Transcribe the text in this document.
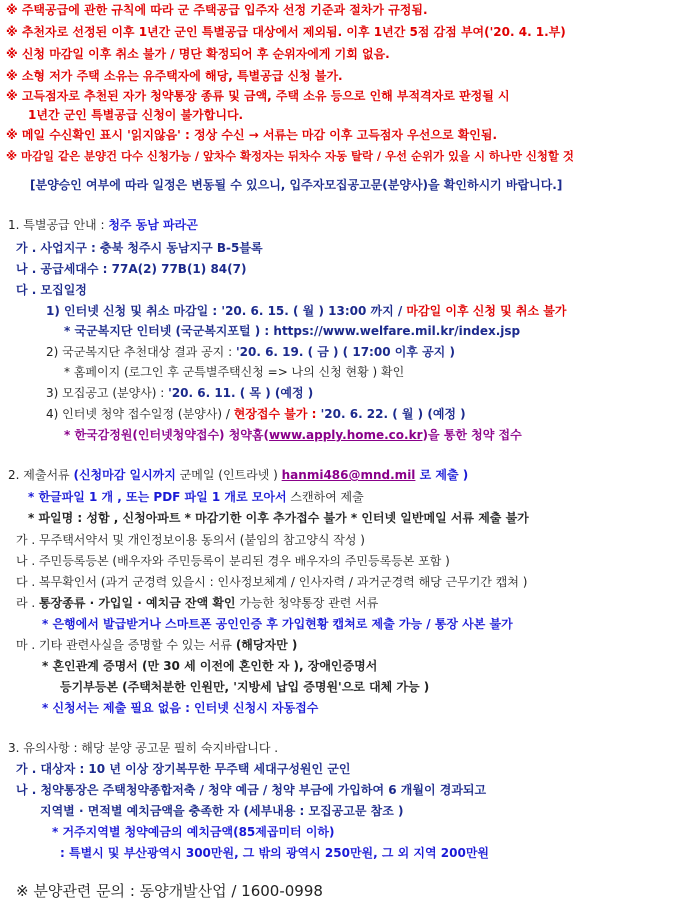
※ 주택공급에 관한 규칙에 따라 군 주택공급 입주자 선정 기준과 절차가 규정됨.
※ 추천자로 선정된 이후 1년간 군인 특별공급 대상에서 제외됨. 이후 1년간 5점 감점 부여('20. 4. 1.부)
※ 신청 마감일 이후 취소 불가 / 명단 확정되어 후 순위자에게 기회 없음.
※ 소형 저가 주택 소유는 유주택자에 해당, 특별공급 신청 불가.
※ 고득점자로 추천된 자가 청약통장 종류 및 금액, 주택 소유 등으로 인해 부적격자로 판정될 시
1년간 군인 특별공급 신청이 불가합니다.
※ 메일 수신확인 표시 '읽지않음' : 정상 수신 → 서류는 마감 이후 고득점자 우선으로 확인됨.
※ 마감일 같은 분양건 다수 신청가능 / 앞차수 확정자는 뒤차수 자동 탈락 / 우선 순위가 있을 시 하나만 신청할 것
[분양승인 여부에 따라 일정은 변동될 수 있으니, 입주자모집공고문(분양사)을 확인하시기 바랍니다.]
1. 특별공급 안내 : 청주 동남 파라곤
가 . 사업지구 : 충북 청주시 동남지구 B-5블록
나 . 공급세대수 : 77A(2) 77B(1) 84(7)
다 . 모집일정
1) 인터넷 신청 및 취소 마감일 : '20. 6. 15. ( 월 ) 13:00 까지 / 마감일 이후 신청 및 취소 불가
* 국군복지단 인터넷 (국군복지포털 ) : https://www.welfare.mil.kr/index.jsp
2) 국군복지단 추천대상 결과 공지 : '20. 6. 19. ( 금 ) ( 17:00 이후 공지 )
* 홈페이지 (로그인 후 군특별주택신청 => 나의 신청 현황 ) 확인
3) 모집공고 (분양사) : '20. 6. 11. ( 목 ) (예정 )
4) 인터넷 청약 접수일정 (분양사) / 현장접수 불가 : '20. 6. 22. ( 월 ) (예정 )
* 한국감정원(인터넷청약접수) 청약홈(www.apply.home.co.kr)을 통한 청약 접수
2. 제출서류 (신청마감 일시까지 군메일 (인트라넷 ) hanmi486@mnd.mil 로 제출 )
* 한글파일 1 개 , 또는 PDF 파일 1 개로 모아서 스캔하여 제출
* 파일명 : 성함 , 신청아파트 * 마감기한 이후 추가접수 불가 * 인터넷 일반메일 서류 제출 불가
가 . 무주택서약서 및 개인정보이용 동의서 (붙임의 참고양식 작성 )
나 . 주민등록등본 (배우자와 주민등록이 분리된 경우 배우자의 주민등록등본 포함 )
다 . 복무확인서 (과거 군경력 있을시 : 인사정보체계 / 인사자력 / 과거군경력 해당 근무기간 캡쳐 )
라 . 통장종류 · 가입일 · 예치금 잔액 확인 가능한 청약통장 관련 서류
* 은행에서 발급받거나 스마트폰 공인인증 후 가입현황 캡쳐로 제출 가능 / 통장 사본 불가
마 . 기타 관련사실을 증명할 수 있는 서류 (해당자만 )
* 혼인관계 증명서 (만 30 세 이전에 혼인한 자 ), 장애인증명서
등기부등본 (주택처분한 인원만, '지방세 납입 증명원'으로 대체 가능 )
* 신청서는 제출 필요 없음 : 인터넷 신청시 자동접수
3. 유의사항 : 해당 분양 공고문 필히 숙지바랍니다 .
가 . 대상자 : 10 년 이상 장기복무한 무주택 세대구성원인 군인
나 . 청약통장은 주택청약종합저축 / 청약 예금 / 청약 부금에 가입하여 6 개월이 경과되고
지역별 · 면적별 예치금액을 충족한 자 (세부내용 : 모집공고문 참조 )
* 거주지역별 청약예금의 예치금액(85제곱미터 이하)
: 특별시 및 부산광역시 300만원, 그 밖의 광역시 250만원, 그 외 지역 200만원
※ 분양관련 문의 : 동양개발산업 / 1600-0998
